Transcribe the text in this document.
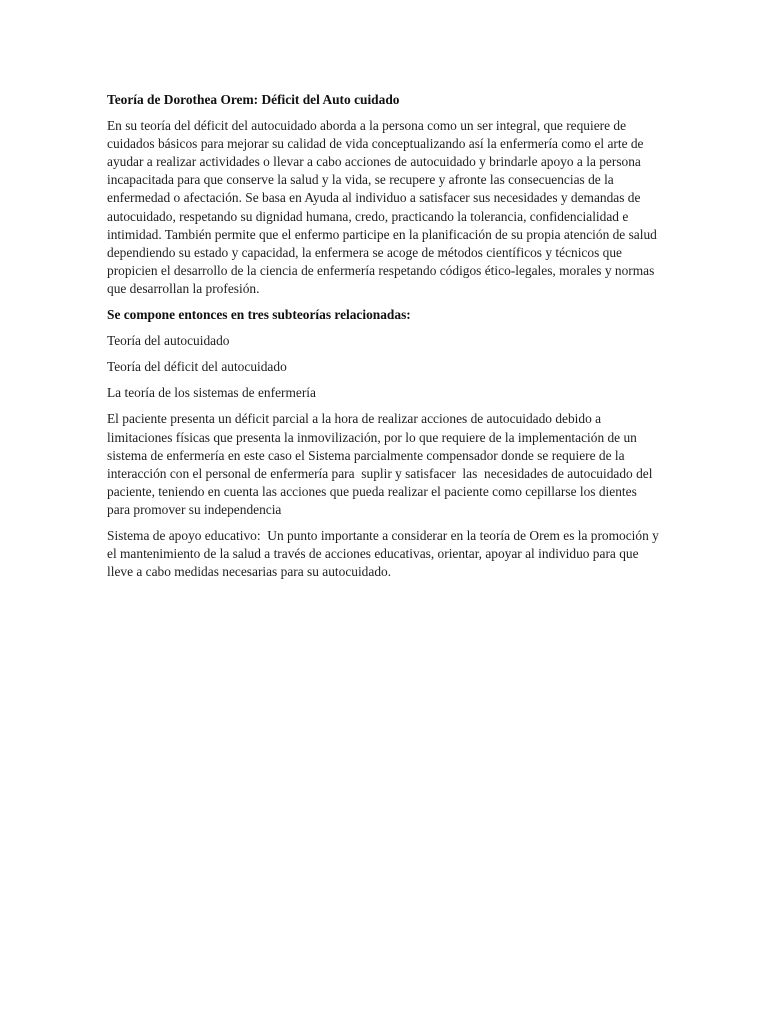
Teoría de Dorothea Orem: Déficit del Auto cuidado

En su teoría del déficit del autocuidado aborda a la persona como un ser integral, que requiere de cuidados básicos para mejorar su calidad de vida conceptualizando así la enfermería como el arte de ayudar a realizar actividades o llevar a cabo acciones de autocuidado y brindarle apoyo a la persona incapacitada para que conserve la salud y la vida, se recupere y afronte las consecuencias de la enfermedad o afectación. Se basa en Ayuda al individuo a satisfacer sus necesidades y demandas de autocuidado, respetando su dignidad humana, credo, practicando la tolerancia, confidencialidad e intimidad. También permite que el enfermo participe en la planificación de su propia atención de salud dependiendo su estado y capacidad, la enfermera se acoge de métodos científicos y técnicos que propicien el desarrollo de la ciencia de enfermería respetando códigos ético-legales, morales y normas que desarrollan la profesión.

Se compone entonces en tres subteorías relacionadas:

Teoría del autocuidado

Teoría del déficit del autocuidado

La teoría de los sistemas de enfermería

El paciente presenta un déficit parcial a la hora de realizar acciones de autocuidado debido a limitaciones físicas que presenta la inmovilización, por lo que requiere de la implementación de un sistema de enfermería en este caso el Sistema parcialmente compensador donde se requiere de la interacción con el personal de enfermería para  suplir y satisfacer  las  necesidades de autocuidado del paciente, teniendo en cuenta las acciones que pueda realizar el paciente como cepillarse los dientes para promover su independencia

Sistema de apoyo educativo:  Un punto importante a considerar en la teoría de Orem es la promoción y el mantenimiento de la salud a través de acciones educativas, orientar, apoyar al individuo para que lleve a cabo medidas necesarias para su autocuidado.
